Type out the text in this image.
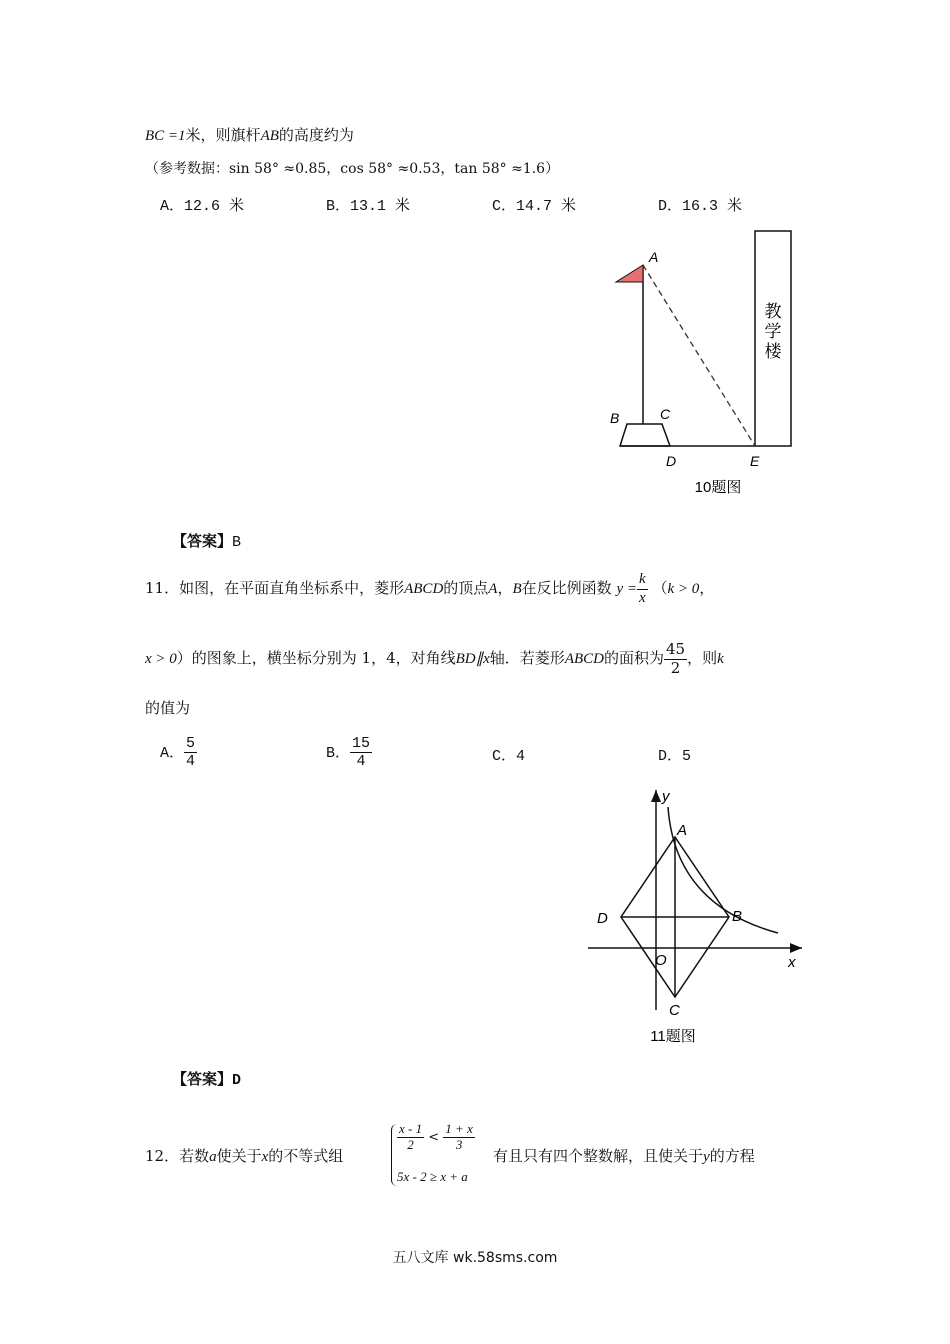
BC =1米，则旗杆AB的高度约为
（参考数据：sin 58° ≈0.85，cos 58° ≈0.53，tan 58° ≈1.6）
A．12.6 米	B．13.1 米	C．14.7 米	D．16.3 米
教
学
楼
A
B	C
D	E
10题图
【答案】B
11．如图，在平面直角坐标系中，菱形ABCD的顶点A，B在反比例函数 $y = \frac{k}{x} (k > 0$，
x > 0）的图象上，横坐标分别为 1，4，对角线BD∥x轴．若菱形ABCD的面积为 $\frac{45}{2}$ ，则k
的值为
A． $\frac{5}{4}$	B． $\frac{15}{4}$	C．4	D．5
y
x
A
B
C
D
O
11题图
【答案】D
12．若数a使关于x的不等式组
$\frac{x - 1}{2} < \frac{1 + x}{3}$
5x - 2 ≥ x + a
有且只有四个整数解，且使关于y的方程
五八文库 wk.58sms.com
